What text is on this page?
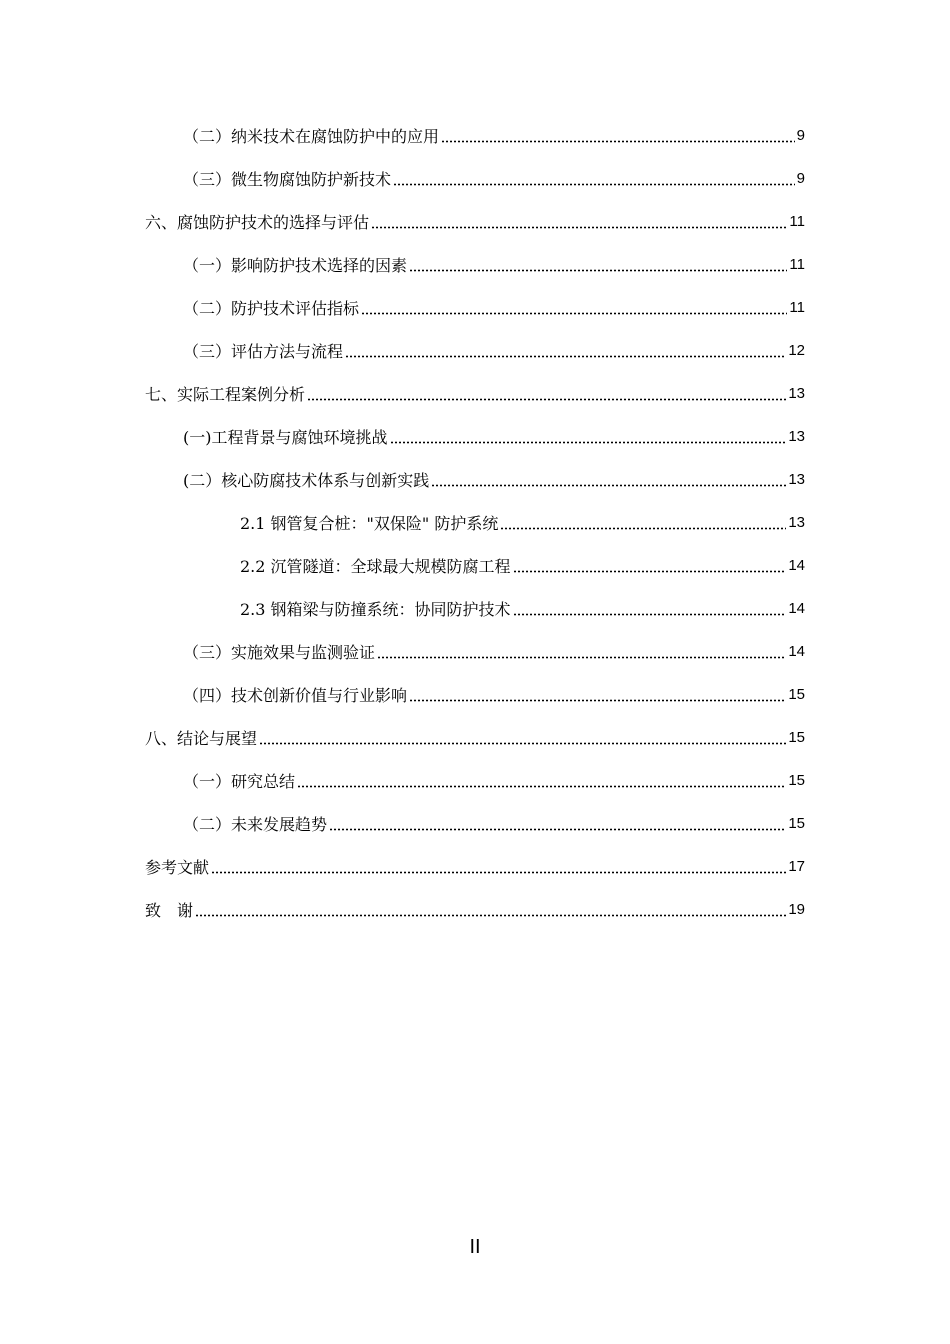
（二）纳米技术在腐蚀防护中的应用	9
（三）微生物腐蚀防护新技术	9
六、腐蚀防护技术的选择与评估	11
（一）影响防护技术选择的因素	11
（二）防护技术评估指标	11
（三）评估方法与流程	12
七、实际工程案例分析	13
(一)工程背景与腐蚀环境挑战	13
(二）核心防腐技术体系与创新实践	13
2.1 钢管复合桩："双保险" 防护系统	13
2.2 沉管隧道：全球最大规模防腐工程	14
2.3 钢箱梁与防撞系统：协同防护技术	14
（三）实施效果与监测验证	14
（四）技术创新价值与行业影响	15
八、结论与展望	15
（一）研究总结	15
（二）未来发展趋势	15
参考文献	17
致　谢	19
II
